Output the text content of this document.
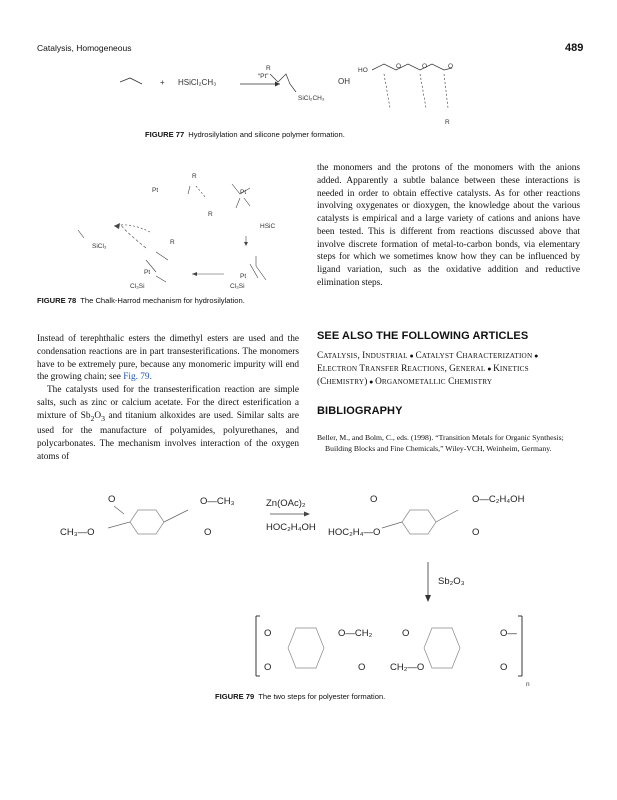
Catalysis, Homogeneous	489
+ HSiCl₂CH₃
“Pt”
R
SiCl₂CH₃
OH
HO
O	O	O
R
FIGURE 77 Hydrosilylation and silicone polymer formation.
R
Pt	Pt
R
SiCl₃
R
HSiC
Pt
Cl₃Si
Pt
Cl₃Si
FIGURE 78 The Chalk-Harrod mechanism for hydrosilylation.

the monomers and the protons of the monomers with the anions added. Apparently a subtle balance between these interactions is needed in order to obtain effective catalysts. As for other reactions involving oxygenates or dioxygen, the knowledge about the various catalysts is empirical and a large variety of cations and anions have been tested. This is different from reactions discussed above that involve discrete formation of metal-to-carbon bonds, via elementary steps for which we sometimes know how they can be influenced by ligand variation, such as the oxidative addition and reductive elimination steps.

Instead of terephthalic esters the dimethyl esters are used and the condensation reactions are in part transesterifications. The monomers have to be extremely pure, because any monomeric impurity will end the growing chain; see Fig. 79.

The catalysts used for the transesterification reaction are simple salts, such as zinc or calcium acetate. For the direct esterification a mixture of $Sb_2O_3$ and titanium alkoxides are used. Similar salts are used for the manufacture of polyamides, polyurethanes, and polycarbonates. The mechanism involves interaction of the oxygen atoms of

SEE ALSO THE FOLLOWING ARTICLES
CATALYSIS, INDUSTRIAL ● CATALYST CHARACTERIZATION ● ELECTRON TRANSFER REACTIONS, GENERAL ● KINETICS (CHEMISTRY) ● ORGANOMETALLIC CHEMISTRY
BIBLIOGRAPHY
Beller, M., and Bolm, C., eds. (1998). “Transition Metals for Organic Synthesis; Building Blocks and Fine Chemicals,” Wiley-VCH, Weinheim, Germany.
O	O—CH₃
CH₃—O	O
Zn(OAc)₂
HOC₂H₄OH
O	O—C₂H₄OH
HOC₂H₄—O	O
Sb₂O₃
O	O—CH₂	O	O—
O	O	CH₂—O	O
n
FIGURE 79 The two steps for polyester formation.
